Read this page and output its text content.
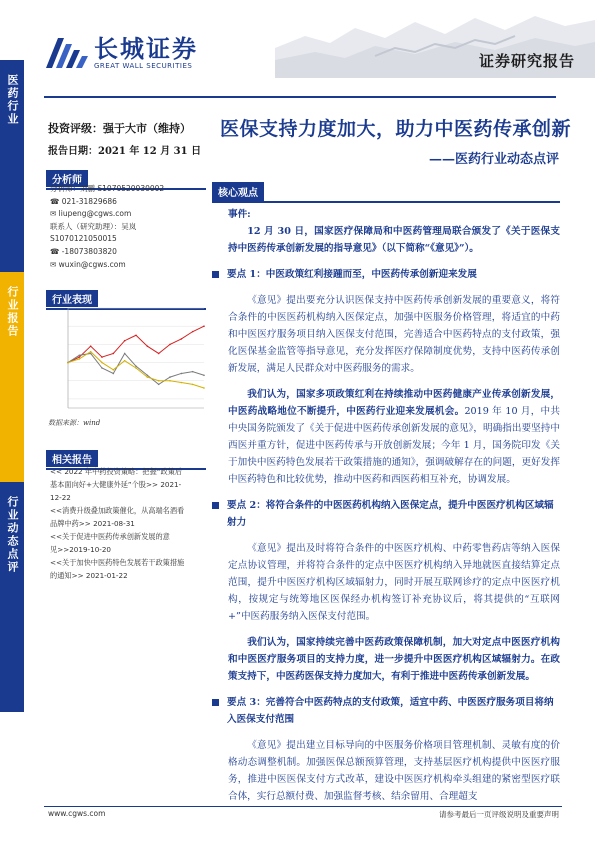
医药行业
行业报告
行业动态点评
长城证券
GREAT WALL SECURITIES	证券研究报告
投资评级：强于大市（维持）
报告日期：2021 年 12 月 31 日
医保支持力度加大，助力中医药传承创新
——医药行业动态点评
分析师
分析师：刘鹏 S1070520030002
☎ 021-31829686
✉ liupeng@cgws.com
联系人（研究助理）：吴岚
S1070121050015
☎ -18073803820
✉ wuxin@cgws.com
行业表现
数据来源：wind
相关报告
<< 2022 年中药投资策略：把握“政策后
基本面向好+大健康外延”个股>> 2021-
12-22
<<消费升级叠加政策催化，从高端名酒看
品牌中药>> 2021-08-31
<<关于促进中医药传承创新发展的意
见>>2019-10-20
<<关于加快中医药特色发展若干政策措施
的通知>> 2021-01-22
核心观点

事件:

12 月 30 日，国家医疗保障局和中医药管理局联合颁发了《关于医保支持中医药传承创新发展的指导意见》（以下简称“《意见》”）。

要点 1：中医政策红利接踵而至，中医药传承创新迎来发展

《意见》提出要充分认识医保支持中医药传承创新发展的重要意义，将符合条件的中医医药机构纳入医保定点，加强中医服务价格管理，将适宜的中药和中医医疗服务项目纳入医保支付范围，完善适合中医药特点的支付政策，强化医保基金监管等指导意见，充分发挥医疗保障制度优势，支持中医药传承创新发展，满足人民群众对中医药服务的需求。

我们认为，国家多项政策红利在持续推动中医药健康产业传承创新发展，中医药战略地位不断提升，中医药行业迎来发展机会。2019 年 10 月，中共中央国务院颁发了《关于促进中医药传承创新发展的意见》，明确指出要坚持中西医并重方针，促进中医药传承与开放创新发展；今年 1 月，国务院印发《关于加快中医药特色发展若干政策措施的通知》，强调破解存在的问题，更好发挥中医药特色和比较优势，推动中医药和西医药相互补充，协调发展。

要点 2：将符合条件的中医医药机构纳入医保定点，提升中医医疗机构区域辐射力

《意见》提出及时将符合条件的中医医疗机构、中药零售药店等纳入医保定点协议管理，并将符合条件的定点中医医疗机构纳入异地就医直接结算定点范围，提升中医医疗机构区域辐射力，同时开展互联网诊疗的定点中医医疗机构，按规定与统筹地区医保经办机构签订补充协议后，将其提供的“互联网+”中医药服务纳入医保支付范围。

我们认为，国家持续完善中医药政策保障机制，加大对定点中医医疗机构和中医医疗服务项目的支持力度，进一步提升中医医疗机构区域辐射力。在政策支持下，中医药医保支持力度加大，有利于推进中医药传承创新发展。

要点 3：完善符合中医药特点的支付政策，适宜中药、中医医疗服务项目将纳入医保支付范围

《意见》提出建立目标导向的中医服务价格项目管理机制、灵敏有度的价格动态调整机制。加强医保总额预算管理，支持基层医疗机构提供中医医疗服务，推进中医医保支付方式改革，建设中医医疗机构牵头组建的紧密型医疗联合体，实行总额付费、加强监督考核、结余留用、合理超支

www.cgws.com	请参考最后一页评级说明及重要声明
